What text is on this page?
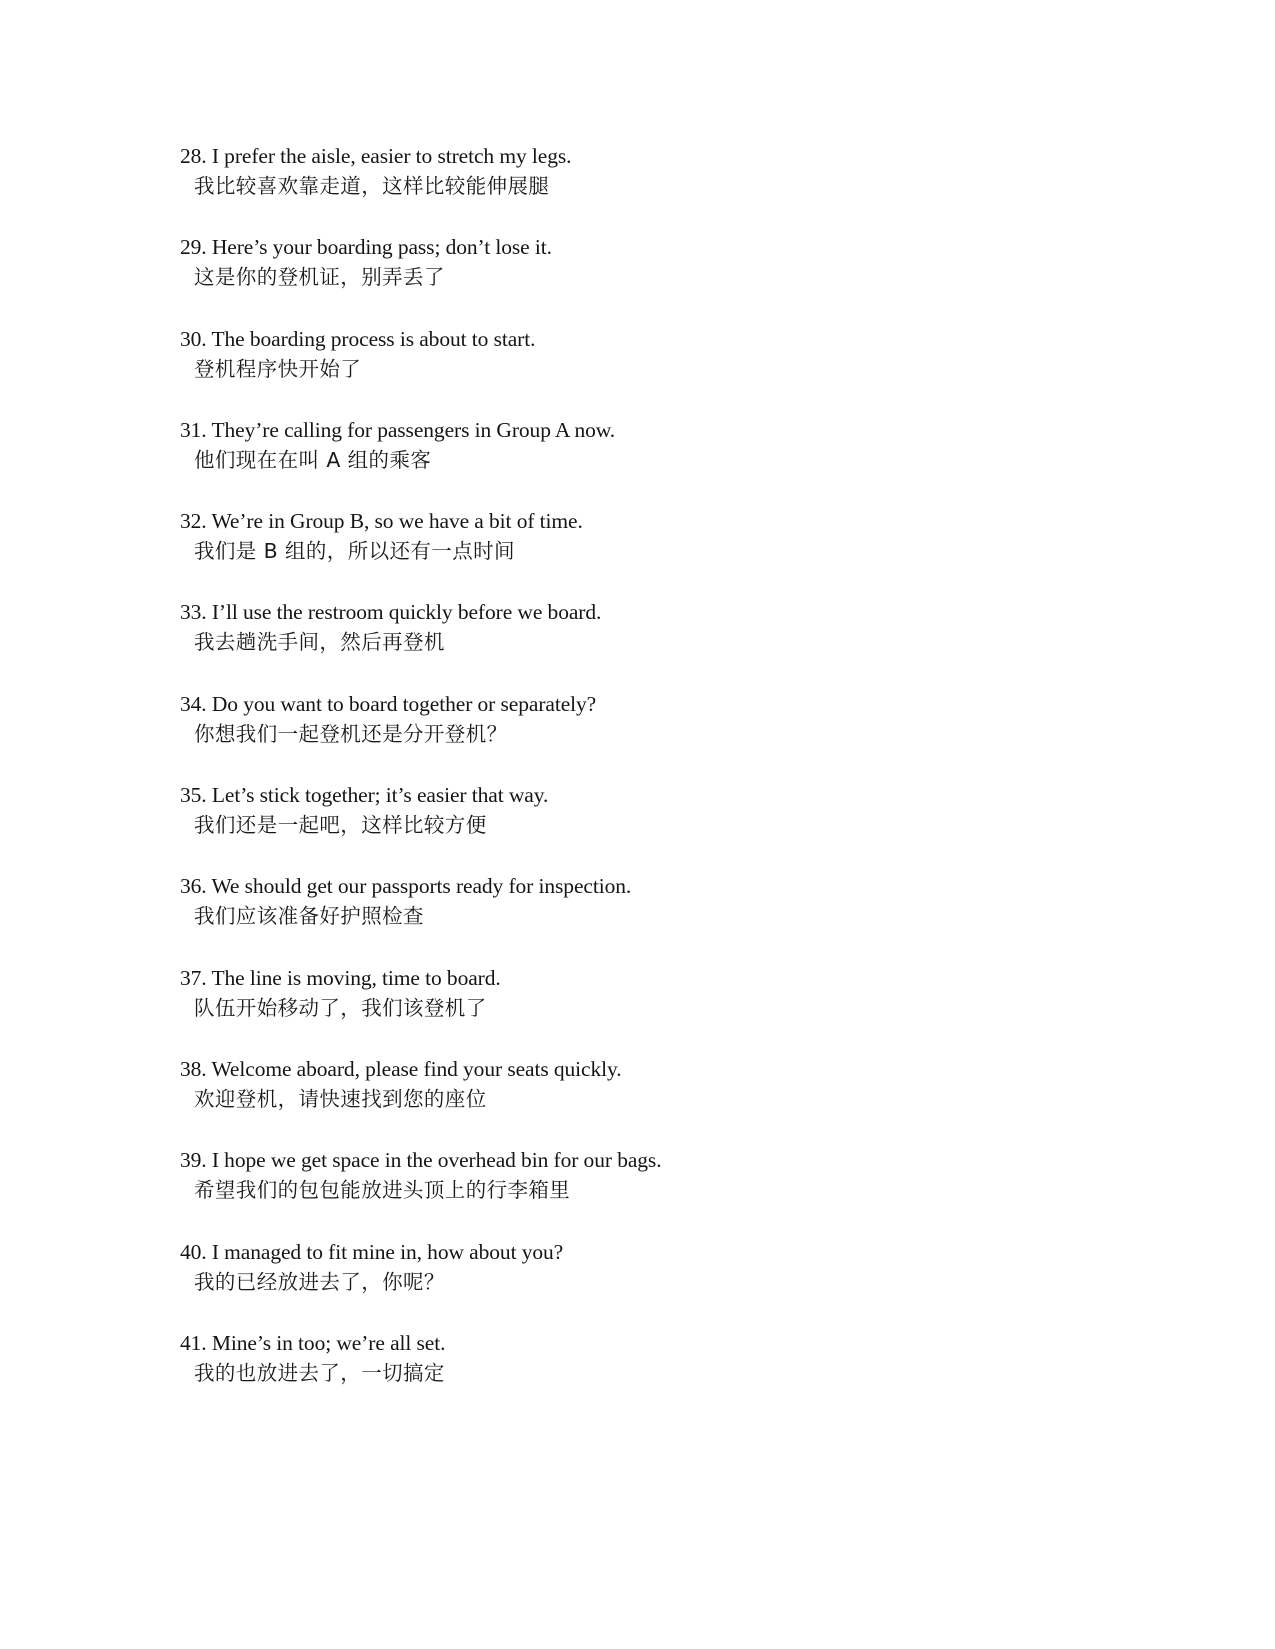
28. I prefer the aisle, easier to stretch my legs.
我比较喜欢靠走道，这样比较能伸展腿
29. Here’s your boarding pass; don’t lose it.
这是你的登机证，别弄丢了
30. The boarding process is about to start.
登机程序快开始了
31. They’re calling for passengers in Group A now.
他们现在在叫 A 组的乘客
32. We’re in Group B, so we have a bit of time.
我们是 B 组的，所以还有一点时间
33. I’ll use the restroom quickly before we board.
我去趟洗手间，然后再登机
34. Do you want to board together or separately?
你想我们一起登机还是分开登机？
35. Let’s stick together; it’s easier that way.
我们还是一起吧，这样比较方便
36. We should get our passports ready for inspection.
我们应该准备好护照检查
37. The line is moving, time to board.
队伍开始移动了，我们该登机了
38. Welcome aboard, please find your seats quickly.
欢迎登机，请快速找到您的座位
39. I hope we get space in the overhead bin for our bags.
希望我们的包包能放进头顶上的行李箱里
40. I managed to fit mine in, how about you?
我的已经放进去了，你呢？
41. Mine’s in too; we’re all set.
我的也放进去了，一切搞定
